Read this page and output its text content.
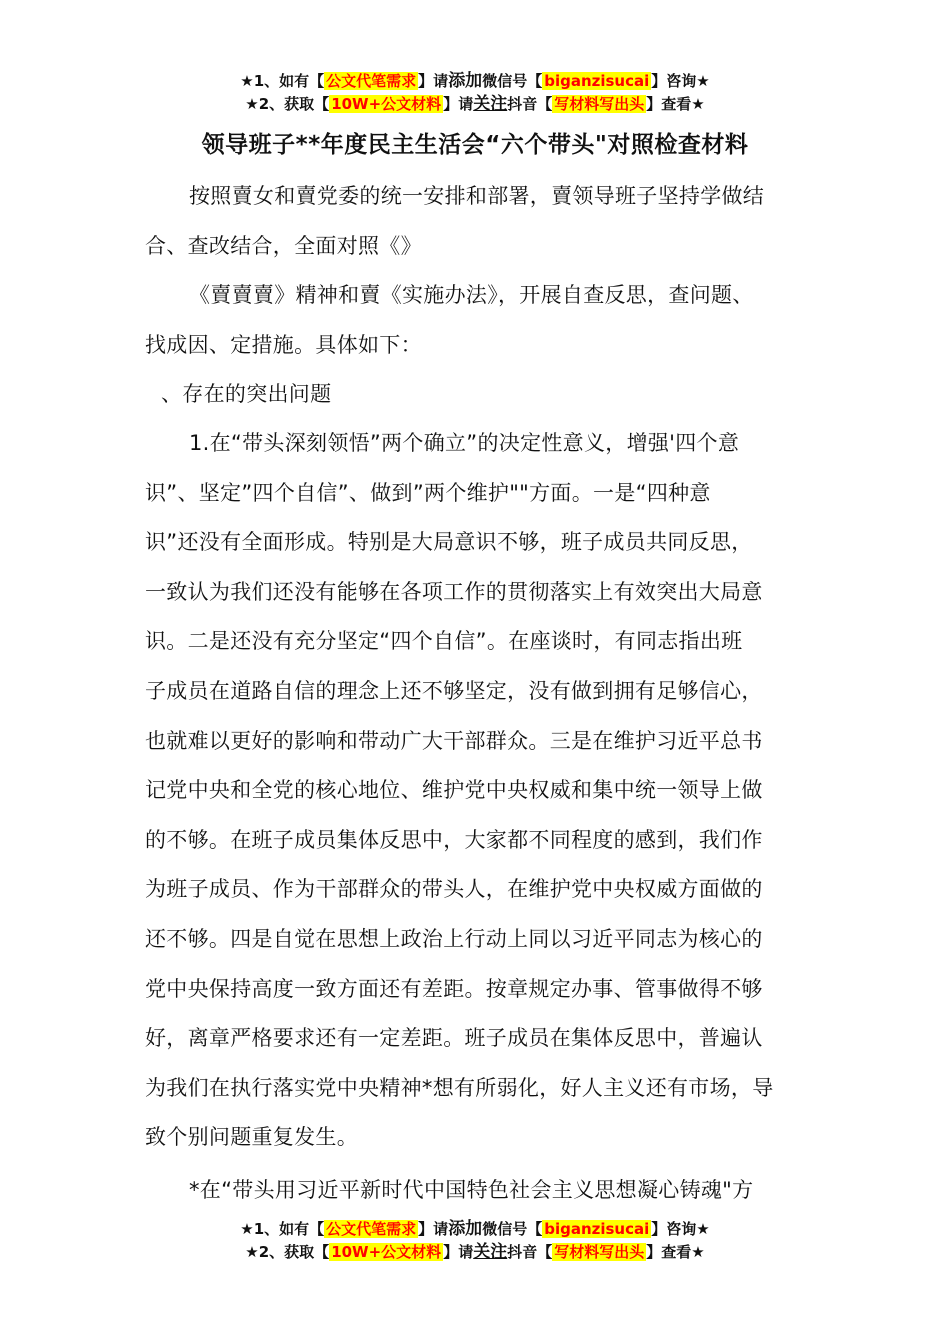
★1、如有【 公文代笔需求 】请添加微信号【 biganzisucai 】咨询★
★2、获取【 10W+公文材料 】请关注抖音【 写材料写出头 】查看★
领导班子**年度民主生活会“六个带头"对照检查材料
按照賣女和賣党委的统一安排和部署，賣领导班子坚持学做结
合、查改结合，全面对照《》
《賣賣賣》精神和賣《实施办法》，开展自查反思，查问题、
找成因、定措施。具体如下：
、存在的突出问题
1.在“带头深刻领悟”两个确立”的决定性意义，增强'四个意
识”、坚定”四个自信”、做到”两个维护""方面。一是“四种意
识”还没有全面形成。特别是大局意识不够，班子成员共同反思，
一致认为我们还没有能够在各项工作的贯彻落实上有效突出大局意
识。二是还没有充分坚定“四个自信”。在座谈时，有同志指出班
子成员在道路自信的理念上还不够坚定，没有做到拥有足够信心，
也就难以更好的影响和带动广大干部群众。三是在维护习近平总书
记党中央和全党的核心地位、维护党中央权威和集中统一领导上做
的不够。在班子成员集体反思中，大家都不同程度的感到，我们作
为班子成员、作为干部群众的带头人，在维护党中央权威方面做的
还不够。四是自觉在思想上政治上行动上同以习近平同志为核心的
党中央保持高度一致方面还有差距。按章规定办事、管事做得不够
好，离章严格要求还有一定差距。班子成员在集体反思中，普遍认
为我们在执行落实党中央精神*想有所弱化，好人主义还有市场，导
致个别问题重复发生。
*在“带头用习近平新时代中国特色社会主义思想凝心铸魂"方
★1、如有【 公文代笔需求 】请添加微信号【 biganzisucai 】咨询★
★2、获取【 10W+公文材料 】请关注抖音【 写材料写出头 】查看★
